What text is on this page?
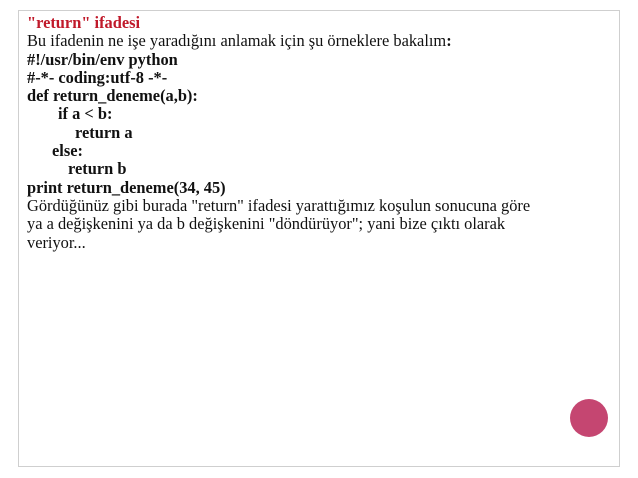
"return" ifadesi
Bu ifadenin ne işe yaradığını anlamak için şu örneklere bakalım:
#!/usr/bin/env python
#-*- coding:utf-8 -*-
def return_deneme(a,b):
if a < b:
return a
else:
return b
print return_deneme(34, 45)
Gördüğünüz gibi burada "return" ifadesi yarattığımız koşulun sonucuna göre
ya a değişkenini ya da b değişkenini "döndürüyor"; yani bize çıktı olarak
veriyor...
